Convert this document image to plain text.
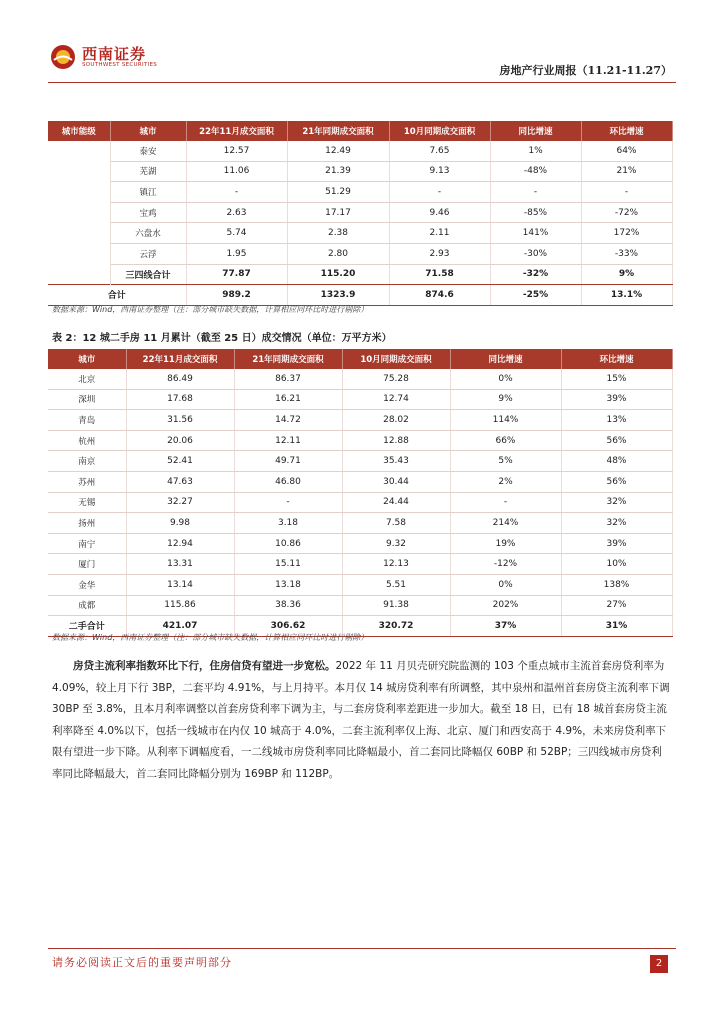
西南证券
SOUTHWEST SECURITIES	房地产行业周报（11.21-11.27）
城市能级	城市	22年11月成交面积	21年同期成交面积	10月同期成交面积	同比增速	环比增速
	泰安	12.57	12.49	7.65	1%	64%
	芜湖	11.06	21.39	9.13	-48%	21%
	镇江	-	51.29	-	-	-
	宝鸡	2.63	17.17	9.46	-85%	-72%
	六盘水	5.74	2.38	2.11	141%	172%
	云浮	1.95	2.80	2.93	-30%	-33%
	三四线合计	77.87	115.20	71.58	-32%	9%
合计		989.2	1323.9	874.6	-25%	13.1%
数据来源：Wind，西南证券整理（注：部分城市缺失数据，计算相应同环比时进行剔除）
表 2：12 城二手房 11 月累计（截至 25 日）成交情况（单位：万平方米）
城市	22年11月成交面积	21年同期成交面积	10月同期成交面积	同比增速	环比增速
北京	86.49	86.37	75.28	0%	15%
深圳	17.68	16.21	12.74	9%	39%
青岛	31.56	14.72	28.02	114%	13%
杭州	20.06	12.11	12.88	66%	56%
南京	52.41	49.71	35.43	5%	48%
苏州	47.63	46.80	30.44	2%	56%
无锡	32.27	-	24.44	-	32%
扬州	9.98	3.18	7.58	214%	32%
南宁	12.94	10.86	9.32	19%	39%
厦门	13.31	15.11	12.13	-12%	10%
金华	13.14	13.18	5.51	0%	138%
成都	115.86	38.36	91.38	202%	27%
二手合计	421.07	306.62	320.72	37%	31%
数据来源：Wind，西南证券整理（注：部分城市缺失数据，计算相应同环比时进行剔除）

房贷主流利率指数环比下行，住房信贷有望进一步宽松。2022 年 11 月贝壳研究院监测的 103 个重点城市主流首套房贷利率为 4.09%，较上月下行 3BP，二套平均 4.91%，与上月持平。本月仅 14 城房贷利率有所调整，其中泉州和温州首套房贷主流利率下调 30BP 至 3.8%，且本月利率调整以首套房贷利率下调为主，与二套房贷利率差距进一步加大。截至 18 日，已有 18 城首套房贷主流利率降至 4.0%以下，包括一线城市在内仅 10 城高于 4.0%，二套主流利率仅上海、北京、厦门和西安高于 4.9%，未来房贷利率下限有望进一步下降。从利率下调幅度看，一二线城市房贷利率同比降幅最小，首二套同比降幅仅 60BP 和 52BP；三四线城市房贷利率同比降幅最大，首二套同比降幅分别为 169BP 和 112BP。

请务必阅读正文后的重要声明部分	2
